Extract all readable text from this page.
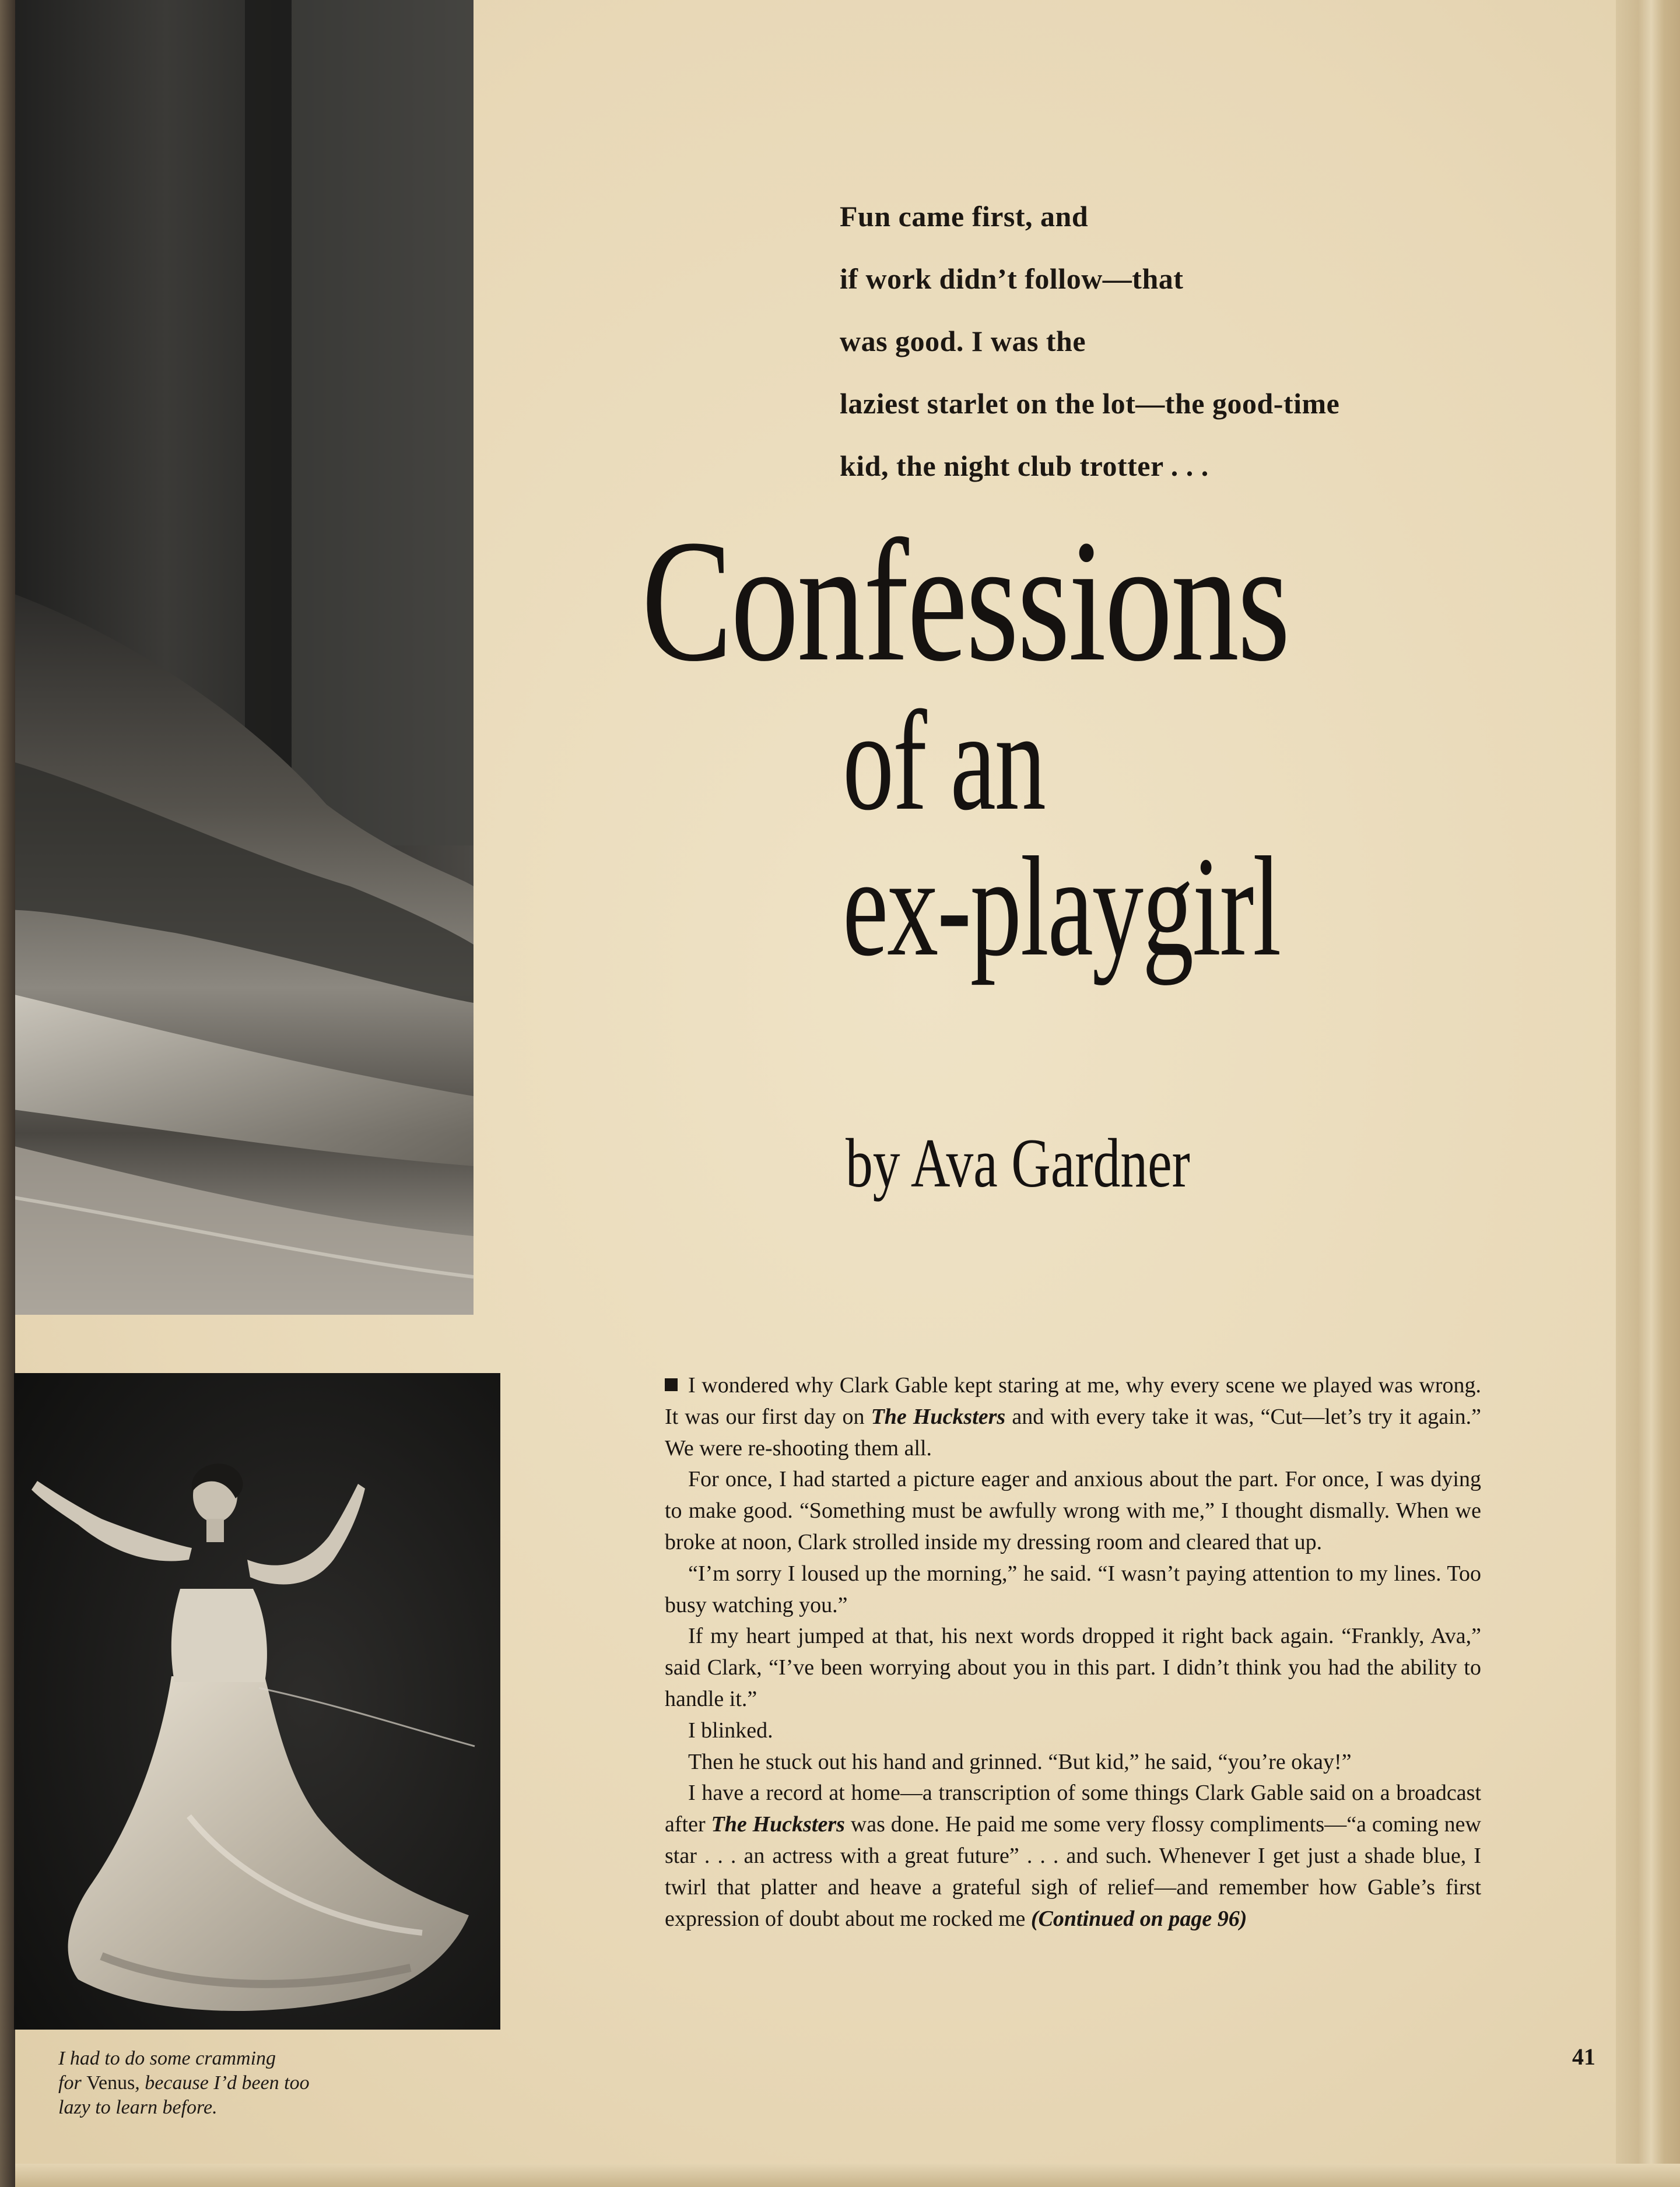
I had to do some cramming
for Venus, because I’d been too
lazy to learn before.
Fun came first, and
if work didn’t follow—that
was good. I was the
laziest starlet on the lot—the good-time
kid, the night club trotter . . .
Confessions
of an
ex-playgirl
by Ava Gardner

I wondered why Clark Gable kept staring at me, why every scene we played was wrong. It was our first day on The Hucksters and with every take it was, “Cut—let’s try it again.” We were re-shooting them all.

For once, I had started a picture eager and anxious about the part. For once, I was dying to make good. “Something must be awfully wrong with me,” I thought dismally. When we broke at noon, Clark strolled inside my dressing room and cleared that up.

“I’m sorry I loused up the morning,” he said. “I wasn’t paying attention to my lines. Too busy watching you.”

If my heart jumped at that, his next words dropped it right back again. “Frankly, Ava,” said Clark, “I’ve been worrying about you in this part. I didn’t think you had the ability to handle it.”

I blinked.

Then he stuck out his hand and grinned. “But kid,” he said, “you’re okay!”

I have a record at home—a transcription of some things Clark Gable said on a broadcast after The Hucksters was done. He paid me some very flossy compliments—“a coming new star . . . an actress with a great future” . . . and such. Whenever I get just a shade blue, I twirl that platter and heave a grateful sigh of relief—and remember how Gable’s first expression of doubt about me rocked me (Continued on page 96)

41
